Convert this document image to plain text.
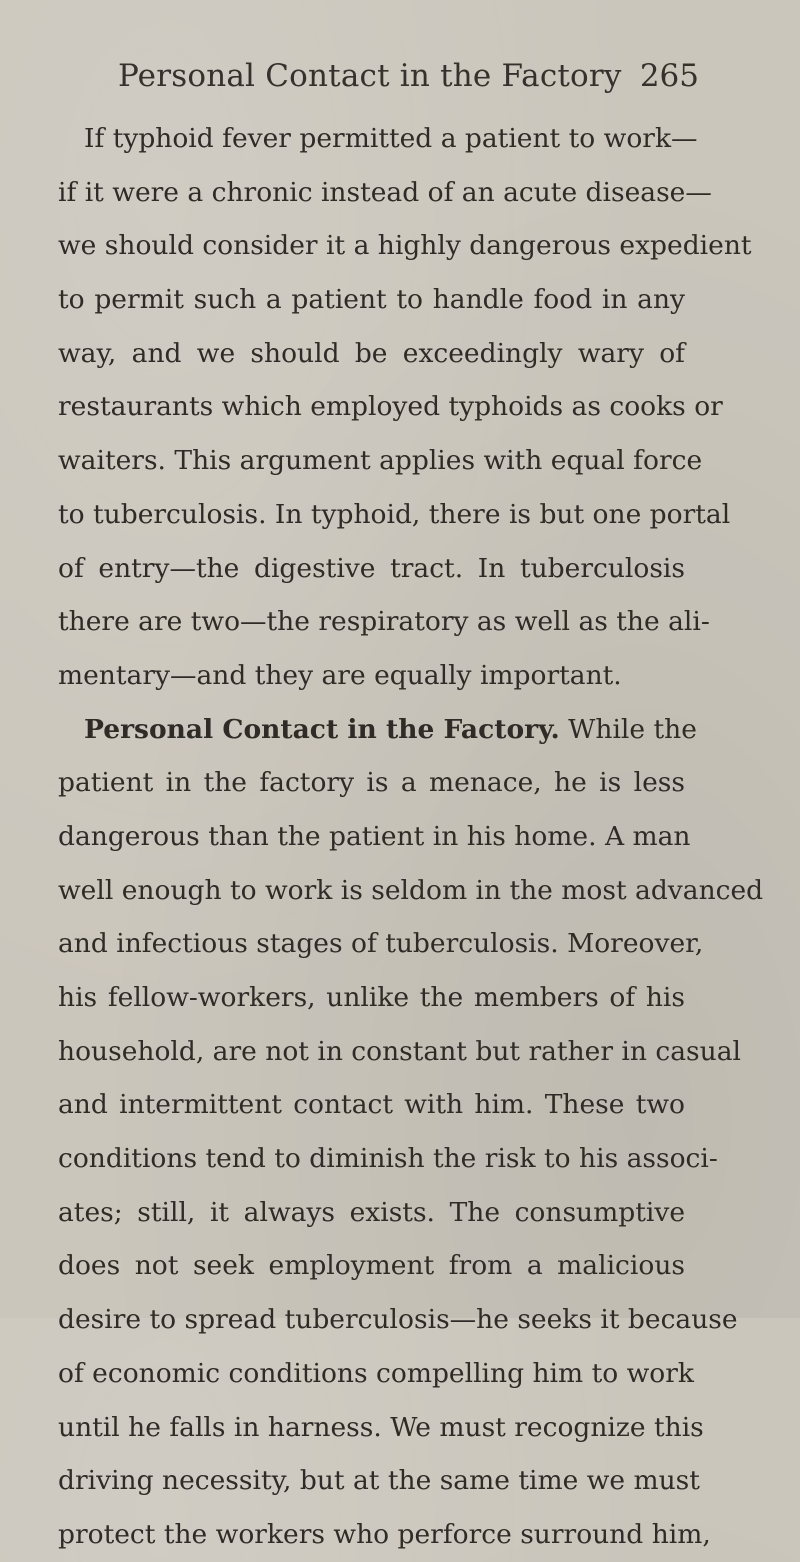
Personal Contact in the Factory 265
If typhoid fever permitted a patient to work—
if it were a chronic instead of an acute disease—
we should consider it a highly dangerous expedient
to permit such a patient to handle food in any
way, and we should be exceedingly wary of
restaurants which employed typhoids as cooks or
waiters. This argument applies with equal force
to tuberculosis. In typhoid, there is but one portal
of entry—the digestive tract. In tuberculosis
there are two—the respiratory as well as the ali-
mentary—and they are equally important.
Personal Contact in the Factory. While the
patient in the factory is a menace, he is less
dangerous than the patient in his home. A man
well enough to work is seldom in the most advanced
and infectious stages of tuberculosis. Moreover,
his fellow-workers, unlike the members of his
household, are not in constant but rather in casual
and intermittent contact with him. These two
conditions tend to diminish the risk to his associ-
ates; still, it always exists. The consumptive
does not seek employment from a malicious
desire to spread tuberculosis—he seeks it because
of economic conditions compelling him to work
until he falls in harness. We must recognize this
driving necessity, but at the same time we must
protect the workers who perforce surround him,
